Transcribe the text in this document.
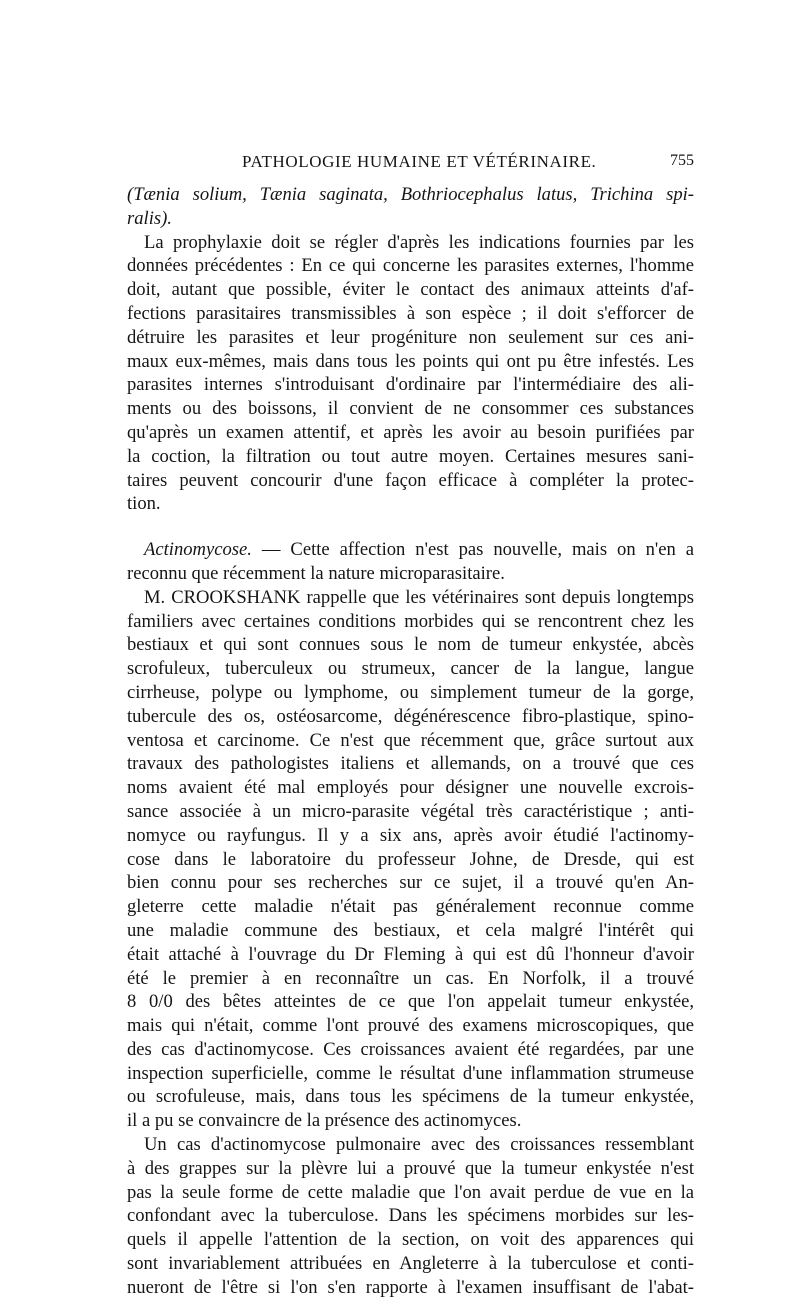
PATHOLOGIE HUMAINE ET VÉTÉRINAIRE.	755
(Tænia solium, Tænia saginata, Bothriocephalus latus, Trichina spi-
ralis).
La prophylaxie doit se régler d'après les indications fournies par les
données précédentes : En ce qui concerne les parasites externes, l'homme
doit, autant que possible, éviter le contact des animaux atteints d'af-
fections parasitaires transmissibles à son espèce ; il doit s'efforcer de
détruire les parasites et leur progéniture non seulement sur ces ani-
maux eux-mêmes, mais dans tous les points qui ont pu être infestés. Les
parasites internes s'introduisant d'ordinaire par l'intermédiaire des ali-
ments ou des boissons, il convient de ne consommer ces substances
qu'après un examen attentif, et après les avoir au besoin purifiées par
la coction, la filtration ou tout autre moyen. Certaines mesures sani-
taires peuvent concourir d'une façon efficace à compléter la protec-
tion.
Actinomycose. — Cette affection n'est pas nouvelle, mais on n'en a
reconnu que récemment la nature microparasitaire.
M. CROOKSHANK rappelle que les vétérinaires sont depuis longtemps
familiers avec certaines conditions morbides qui se rencontrent chez les
bestiaux et qui sont connues sous le nom de tumeur enkystée, abcès
scrofuleux, tuberculeux ou strumeux, cancer de la langue, langue
cirrheuse, polype ou lymphome, ou simplement tumeur de la gorge,
tubercule des os, ostéosarcome, dégénérescence fibro-plastique, spino-
ventosa et carcinome. Ce n'est que récemment que, grâce surtout aux
travaux des pathologistes italiens et allemands, on a trouvé que ces
noms avaient été mal employés pour désigner une nouvelle excrois-
sance associée à un micro-parasite végétal très caractéristique ; anti-
nomyce ou rayfungus. Il y a six ans, après avoir étudié l'actinomy-
cose dans le laboratoire du professeur Johne, de Dresde, qui est
bien connu pour ses recherches sur ce sujet, il a trouvé qu'en An-
gleterre cette maladie n'était pas généralement reconnue comme
une maladie commune des bestiaux, et cela malgré l'intérêt qui
était attaché à l'ouvrage du Dr Fleming à qui est dû l'honneur d'avoir
été le premier à en reconnaître un cas. En Norfolk, il a trouvé
8 0/0 des bêtes atteintes de ce que l'on appelait tumeur enkystée,
mais qui n'était, comme l'ont prouvé des examens microscopiques, que
des cas d'actinomycose. Ces croissances avaient été regardées, par une
inspection superficielle, comme le résultat d'une inflammation strumeuse
ou scrofuleuse, mais, dans tous les spécimens de la tumeur enkystée,
il a pu se convaincre de la présence des actinomyces.
Un cas d'actinomycose pulmonaire avec des croissances ressemblant
à des grappes sur la plèvre lui a prouvé que la tumeur enkystée n'est
pas la seule forme de cette maladie que l'on avait perdue de vue en la
confondant avec la tuberculose. Dans les spécimens morbides sur les-
quels il appelle l'attention de la section, on voit des apparences qui
sont invariablement attribuées en Angleterre à la tuberculose et conti-
nueront de l'être si l'on s'en rapporte à l'examen insuffisant de l'abat-
